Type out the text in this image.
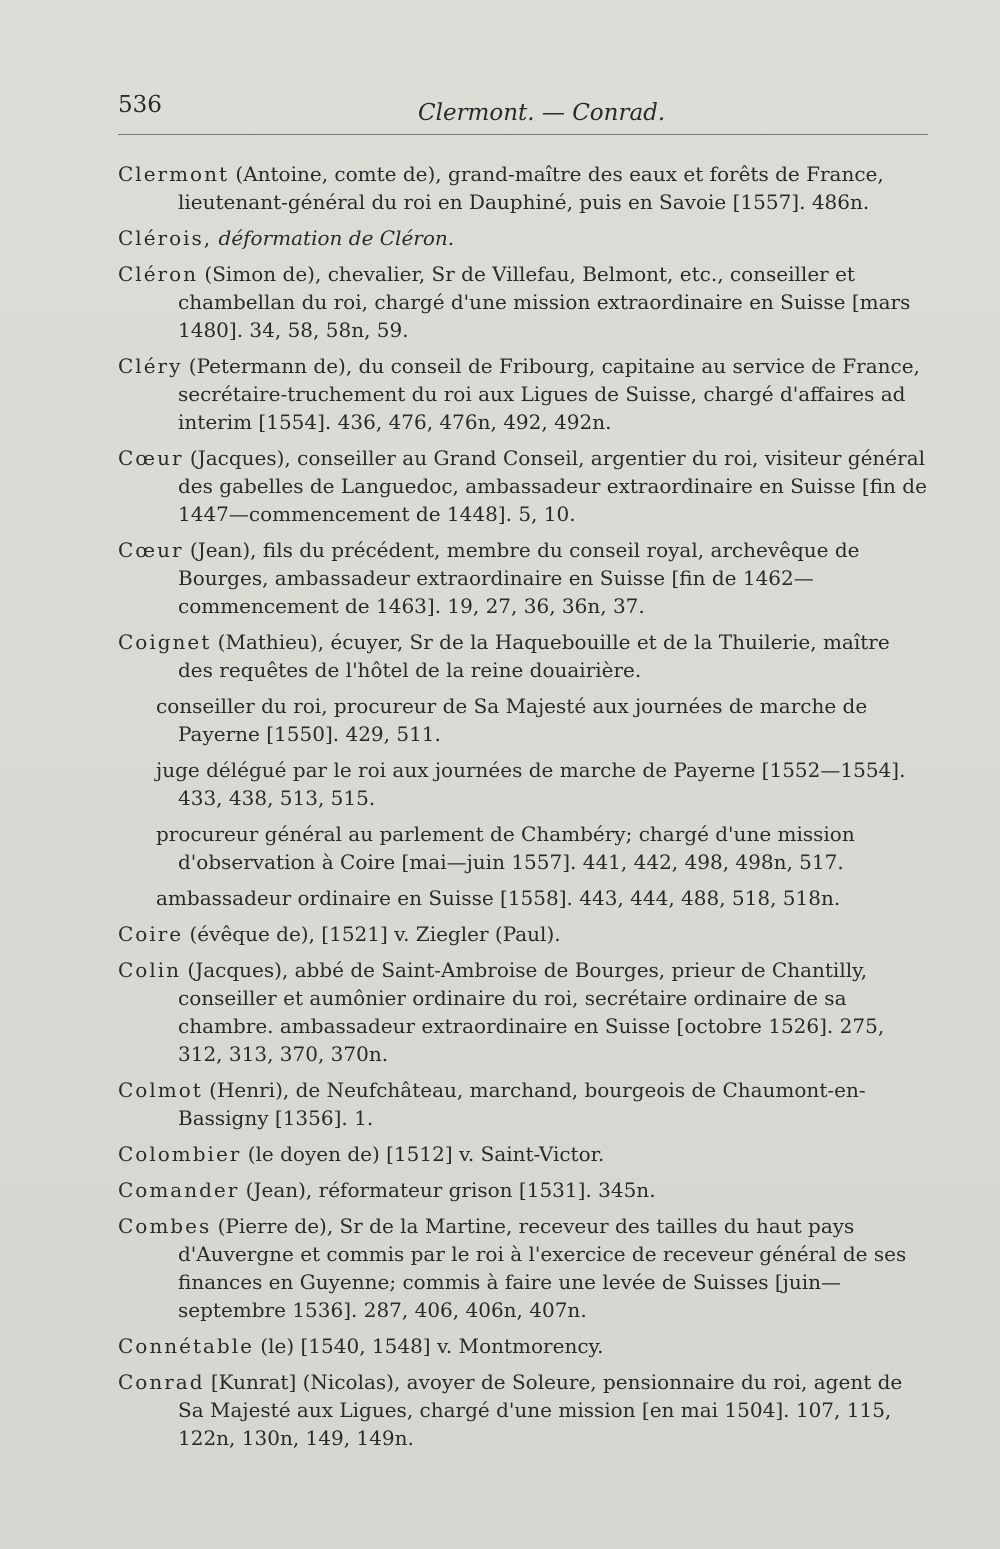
536	Clermont. — Conrad.
Clermont (Antoine, comte de), grand-maître des eaux et forêts de France, lieutenant-général du roi en Dauphiné, puis en Savoie [1557]. 486n.
Clérois, déformation de Cléron.
Cléron (Simon de), chevalier, Sr de Villefau, Belmont, etc., conseiller et chambellan du roi, chargé d'une mission extraordinaire en Suisse [mars 1480]. 34, 58, 58n, 59.
Cléry (Petermann de), du conseil de Fribourg, capitaine au service de France, secrétaire-truchement du roi aux Ligues de Suisse, chargé d'affaires ad interim [1554]. 436, 476, 476n, 492, 492n.
Cœur (Jacques), conseiller au Grand Conseil, argentier du roi, visiteur général des gabelles de Languedoc, ambassadeur extraordinaire en Suisse [fin de 1447—commencement de 1448]. 5, 10.
Cœur (Jean), fils du précédent, membre du conseil royal, archevêque de Bourges, ambassadeur extraordinaire en Suisse [fin de 1462—commencement de 1463]. 19, 27, 36, 36n, 37.
Coignet (Mathieu), écuyer, Sr de la Haquebouille et de la Thuilerie, maître des requêtes de l'hôtel de la reine douairière.
conseiller du roi, procureur de Sa Majesté aux journées de marche de Payerne [1550]. 429, 511.
juge délégué par le roi aux journées de marche de Payerne [1552—1554]. 433, 438, 513, 515.
procureur général au parlement de Chambéry; chargé d'une mission d'observation à Coire [mai—juin 1557]. 441, 442, 498, 498n, 517.
ambassadeur ordinaire en Suisse [1558]. 443, 444, 488, 518, 518n.
Coire (évêque de), [1521] v. Ziegler (Paul).
Colin (Jacques), abbé de Saint-Ambroise de Bourges, prieur de Chantilly, conseiller et aumônier ordinaire du roi, secrétaire ordinaire de sa chambre. ambassadeur extraordinaire en Suisse [octobre 1526]. 275, 312, 313, 370, 370n.
Colmot (Henri), de Neufchâteau, marchand, bourgeois de Chaumont-en-Bassigny [1356]. 1.
Colombier (le doyen de) [1512] v. Saint-Victor.
Comander (Jean), réformateur grison [1531]. 345n.
Combes (Pierre de), Sr de la Martine, receveur des tailles du haut pays d'Auvergne et commis par le roi à l'exercice de receveur général de ses finances en Guyenne; commis à faire une levée de Suisses [juin—septembre 1536]. 287, 406, 406n, 407n.
Connétable (le) [1540, 1548] v. Montmorency.
Conrad [Kunrat] (Nicolas), avoyer de Soleure, pensionnaire du roi, agent de Sa Majesté aux Ligues, chargé d'une mission [en mai 1504]. 107, 115, 122n, 130n, 149, 149n.
